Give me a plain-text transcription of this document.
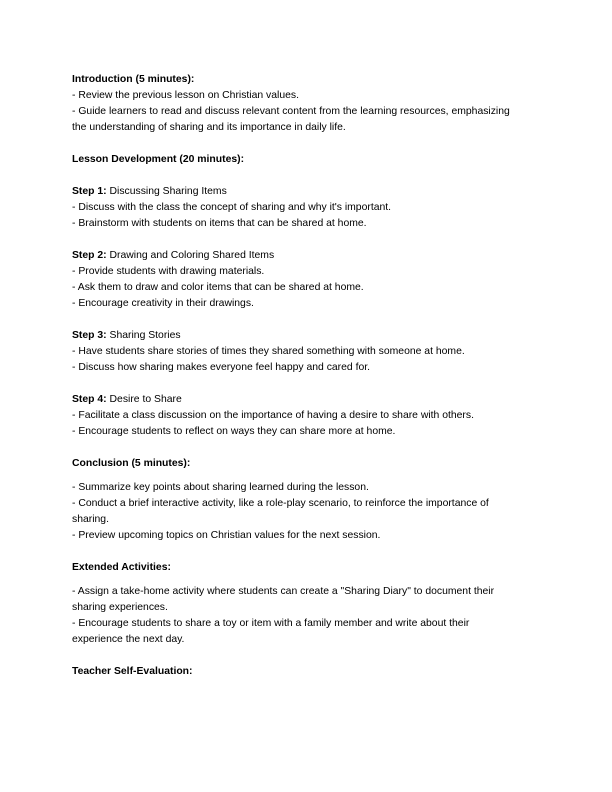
Introduction (5 minutes):
- Review the previous lesson on Christian values.
- Guide learners to read and discuss relevant content from the learning resources, emphasizing
the understanding of sharing and its importance in daily life.
Lesson Development (20 minutes):
Step 1: Discussing Sharing Items
- Discuss with the class the concept of sharing and why it's important.
- Brainstorm with students on items that can be shared at home.
Step 2: Drawing and Coloring Shared Items
- Provide students with drawing materials.
- Ask them to draw and color items that can be shared at home.
- Encourage creativity in their drawings.
Step 3: Sharing Stories
- Have students share stories of times they shared something with someone at home.
- Discuss how sharing makes everyone feel happy and cared for.
Step 4: Desire to Share
- Facilitate a class discussion on the importance of having a desire to share with others.
- Encourage students to reflect on ways they can share more at home.
Conclusion (5 minutes):
- Summarize key points about sharing learned during the lesson.
- Conduct a brief interactive activity, like a role-play scenario, to reinforce the importance of
sharing.
- Preview upcoming topics on Christian values for the next session.
Extended Activities:
- Assign a take-home activity where students can create a "Sharing Diary" to document their
sharing experiences.
- Encourage students to share a toy or item with a family member and write about their
experience the next day.
Teacher Self-Evaluation:
